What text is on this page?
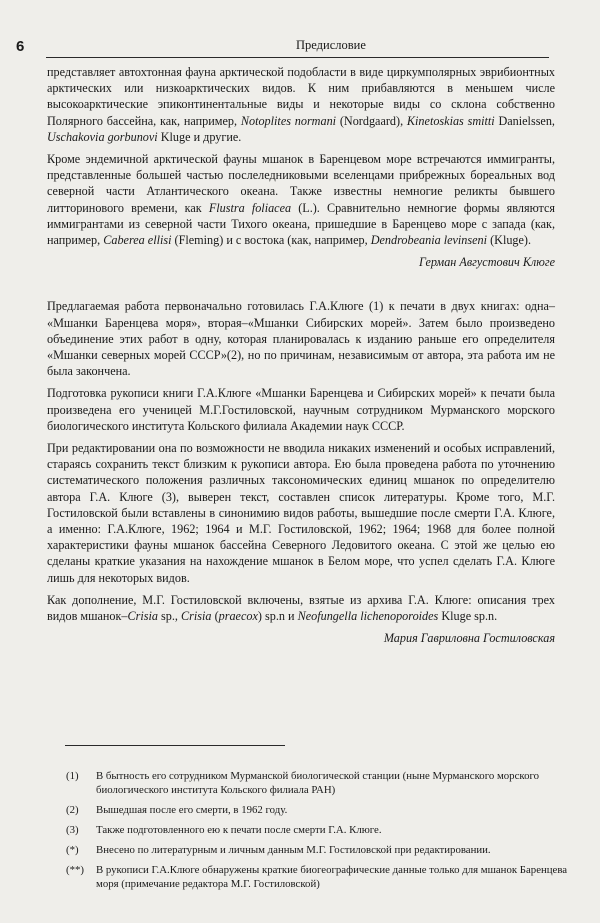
6	Предисловие

представляет автохтонная фауна арктической подобласти в виде циркумполярных эврибионтных арктических или низкоарктических видов. К ним прибавляются в меньшем числе высокоарктические эпиконтинентальные виды и некоторые виды со склона собственно Полярного бассейна, как, например, Notoplites normani (Nordgaard), Kinetoskias smitti Danielssen, Uschakovia gorbunovi Kluge и другие.

Кроме эндемичной арктической фауны мшанок в Баренцевом море встречаются иммигранты, представленные большей частью послеледниковыми вселенцами прибрежных бореальных вод северной части Атлантического океана. Также известны немногие реликты бывшего литторинового времени, как Flustra foliacea (L.). Сравнительно немногие формы являются иммигрантами из северной части Тихого океана, пришедшие в Баренцево море с запада (как, например, Caberea ellisi (Fleming) и с востока (как, например, Dendrobeania levinseni (Kluge).

Герман Августович Клюге

Предлагаемая работа первоначально готовилась Г.А.Клюге (1) к печати в двух книгах: одна– «Мшанки Баренцева моря», вторая–«Мшанки Сибирских морей». Затем было произведено объединение этих работ в одну, которая планировалась к изданию раньше его определителя «Мшанки северных морей СССР»(2), но по причинам, независимым от автора, эта работа им не была закончена.

Подготовка рукописи книги Г.А.Клюге «Мшанки Баренцева и Сибирских морей» к печати была произведена его ученицей М.Г.Гостиловской, научным сотрудником Мурманского морского биологического института Кольского филиала Академии наук СССР.

При редактировании она по возможности не вводила никаких изменений и особых исправлений, стараясь сохранить текст близким к рукописи автора. Ею была проведена работа по уточнению систематического положения различных таксономических единиц мшанок по определителю автора Г.А. Клюге (3), выверен текст, составлен список литературы. Кроме того, М.Г. Гостиловской были вставлены в синонимию видов работы, вышедшие после смерти Г.А. Клюге, а именно: Г.А.Клюге, 1962; 1964 и М.Г. Гостиловской, 1962; 1964; 1968 для более полной характеристики фауны мшанок бассейна Северного Ледовитого океана. С этой же целью ею сделаны краткие указания на нахождение мшанок в Белом море, что успел сделать Г.А. Клюге лишь для некоторых видов.

Как дополнение, М.Г. Гостиловской включены, взятые из архива Г.А. Клюге: описания трех видов мшанок–Crisia sp., Crisia (praecox) sp.n и Neofungella lichenoporoides Kluge sp.n.

Мария Гавриловна Гостиловская
(1)	В бытность его сотрудником Мурманской биологической станции (ныне Мурманского морского биологического института Кольского филиала РАН)
(2)	Вышедшая после его смерти, в 1962 году.
(3)	Также подготовленного ею к печати после смерти Г.А. Клюге.
(*)	Внесено по литературным и личным данным М.Г. Гостиловской при редактировании.
(**)	В рукописи Г.А.Клюге обнаружены краткие биогеографические данные только для мшанок Баренцева моря (примечание редактора М.Г. Гостиловской)
